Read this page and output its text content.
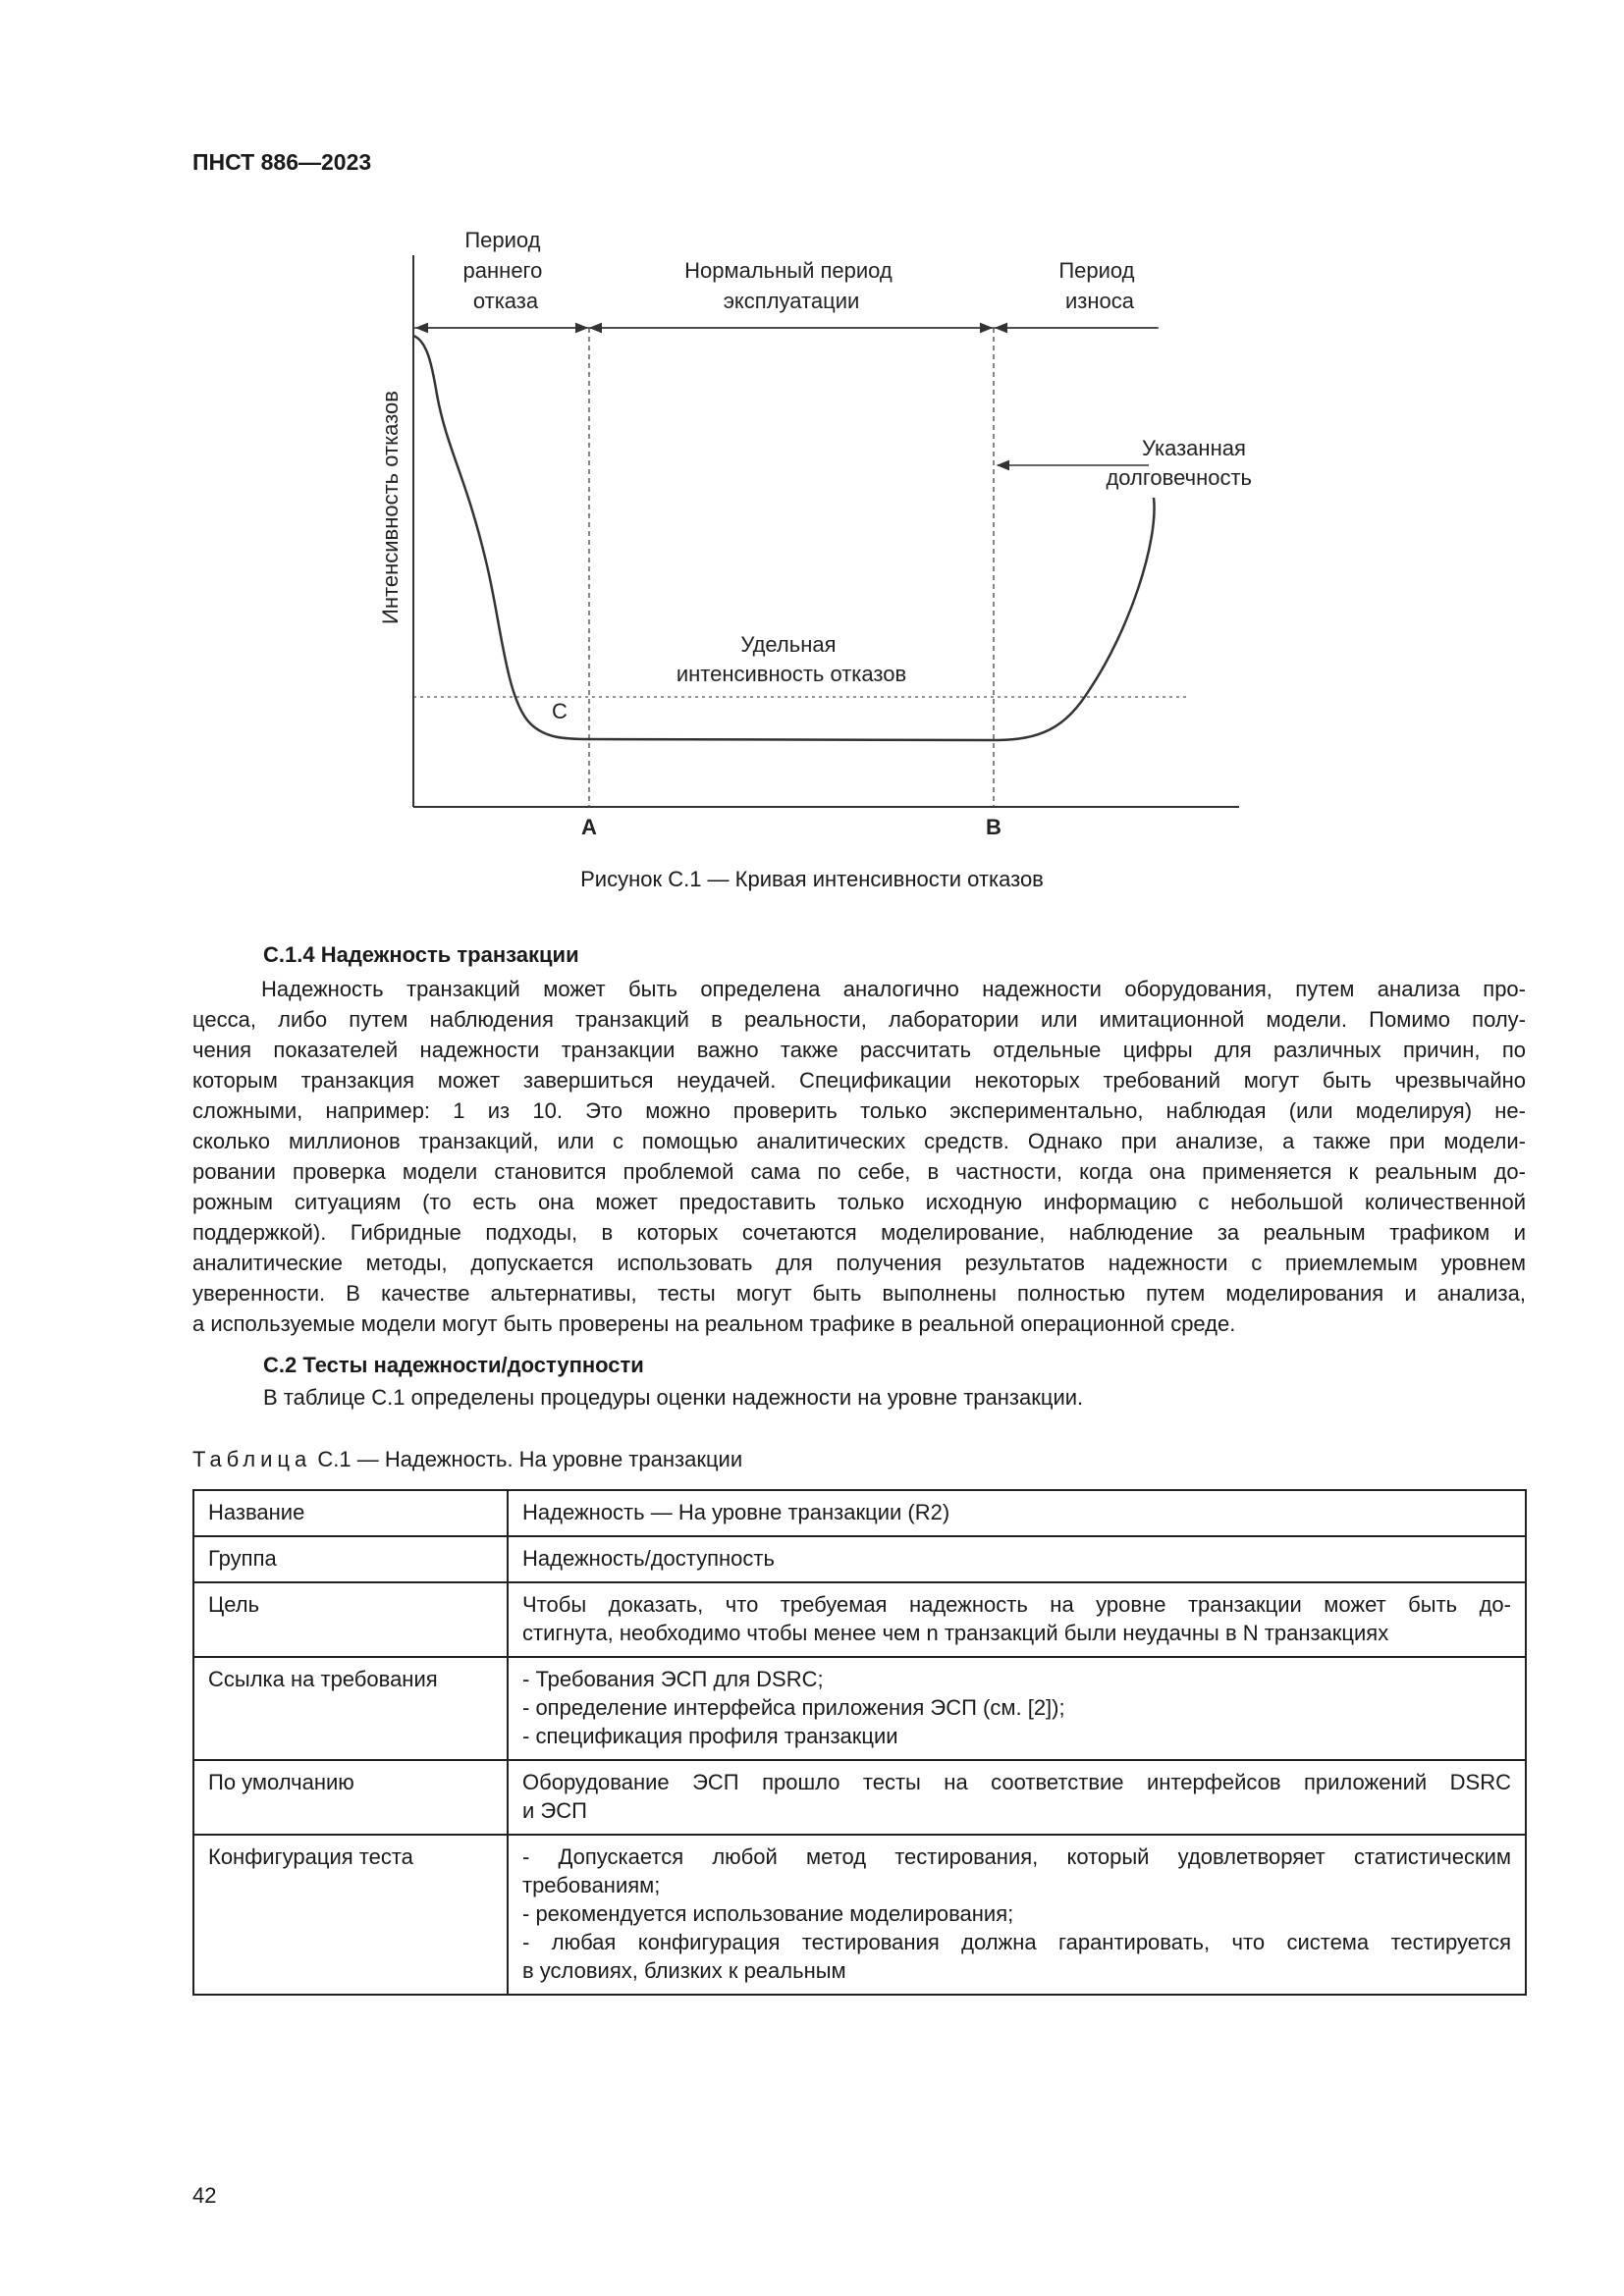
ПНСТ 886—2023
Интенсивность отказов
Период раннего отказа
Нормальный период эксплуатации
Период износа
Указанная долговечность
Удельная интенсивность отказов
C
A	B
Рисунок С.1 — Кривая интенсивности отказов
С.1.4 Надежность транзакции
Надежность транзакций может быть определена аналогично надежности оборудования, путем анализа про-
цесса, либо путем наблюдения транзакций в реальности, лаборатории или имитационной модели. Помимо полу-
чения показателей надежности транзакции важно также рассчитать отдельные цифры для различных причин, по
которым транзакция может завершиться неудачей. Спецификации некоторых требований могут быть чрезвычайно
сложными, например: 1 из 10. Это можно проверить только экспериментально, наблюдая (или моделируя) не-
сколько миллионов транзакций, или с помощью аналитических средств. Однако при анализе, а также при модели-
ровании проверка модели становится проблемой сама по себе, в частности, когда она применяется к реальным до-
рожным ситуациям (то есть она может предоставить только исходную информацию с небольшой количественной
поддержкой). Гибридные подходы, в которых сочетаются моделирование, наблюдение за реальным трафиком и
аналитические методы, допускается использовать для получения результатов надежности с приемлемым уровнем
уверенности. В качестве альтернативы, тесты могут быть выполнены полностью путем моделирования и анализа,
а используемые модели могут быть проверены на реальном трафике в реальной операционной среде.
С.2 Тесты надежности/доступности
В таблице С.1 определены процедуры оценки надежности на уровне транзакции.
Таблица С.1 — Надежность. На уровне транзакции
Название	Надежность — На уровне транзакции (R2)

Группа	Надежность/доступность

Цель	Чтобы доказать, что требуемая надежность на уровне транзакции может быть до-
стигнута, необходимо чтобы менее чем n транзакций были неудачны в N транзакциях

Ссылка на требования	- Требования ЭСП для DSRC;
- определение интерфейса приложения ЭСП (см. [2]);
- спецификация профиля транзакции

По умолчанию	Оборудование ЭСП прошло тесты на соответствие интерфейсов приложений DSRC
и ЭСП

Конфигурация теста	- Допускается любой метод тестирования, который удовлетворяет статистическим
требованиям;
- рекомендуется использование моделирования;
- любая конфигурация тестирования должна гарантировать, что система тестируется
в условиях, близких к реальным
42
